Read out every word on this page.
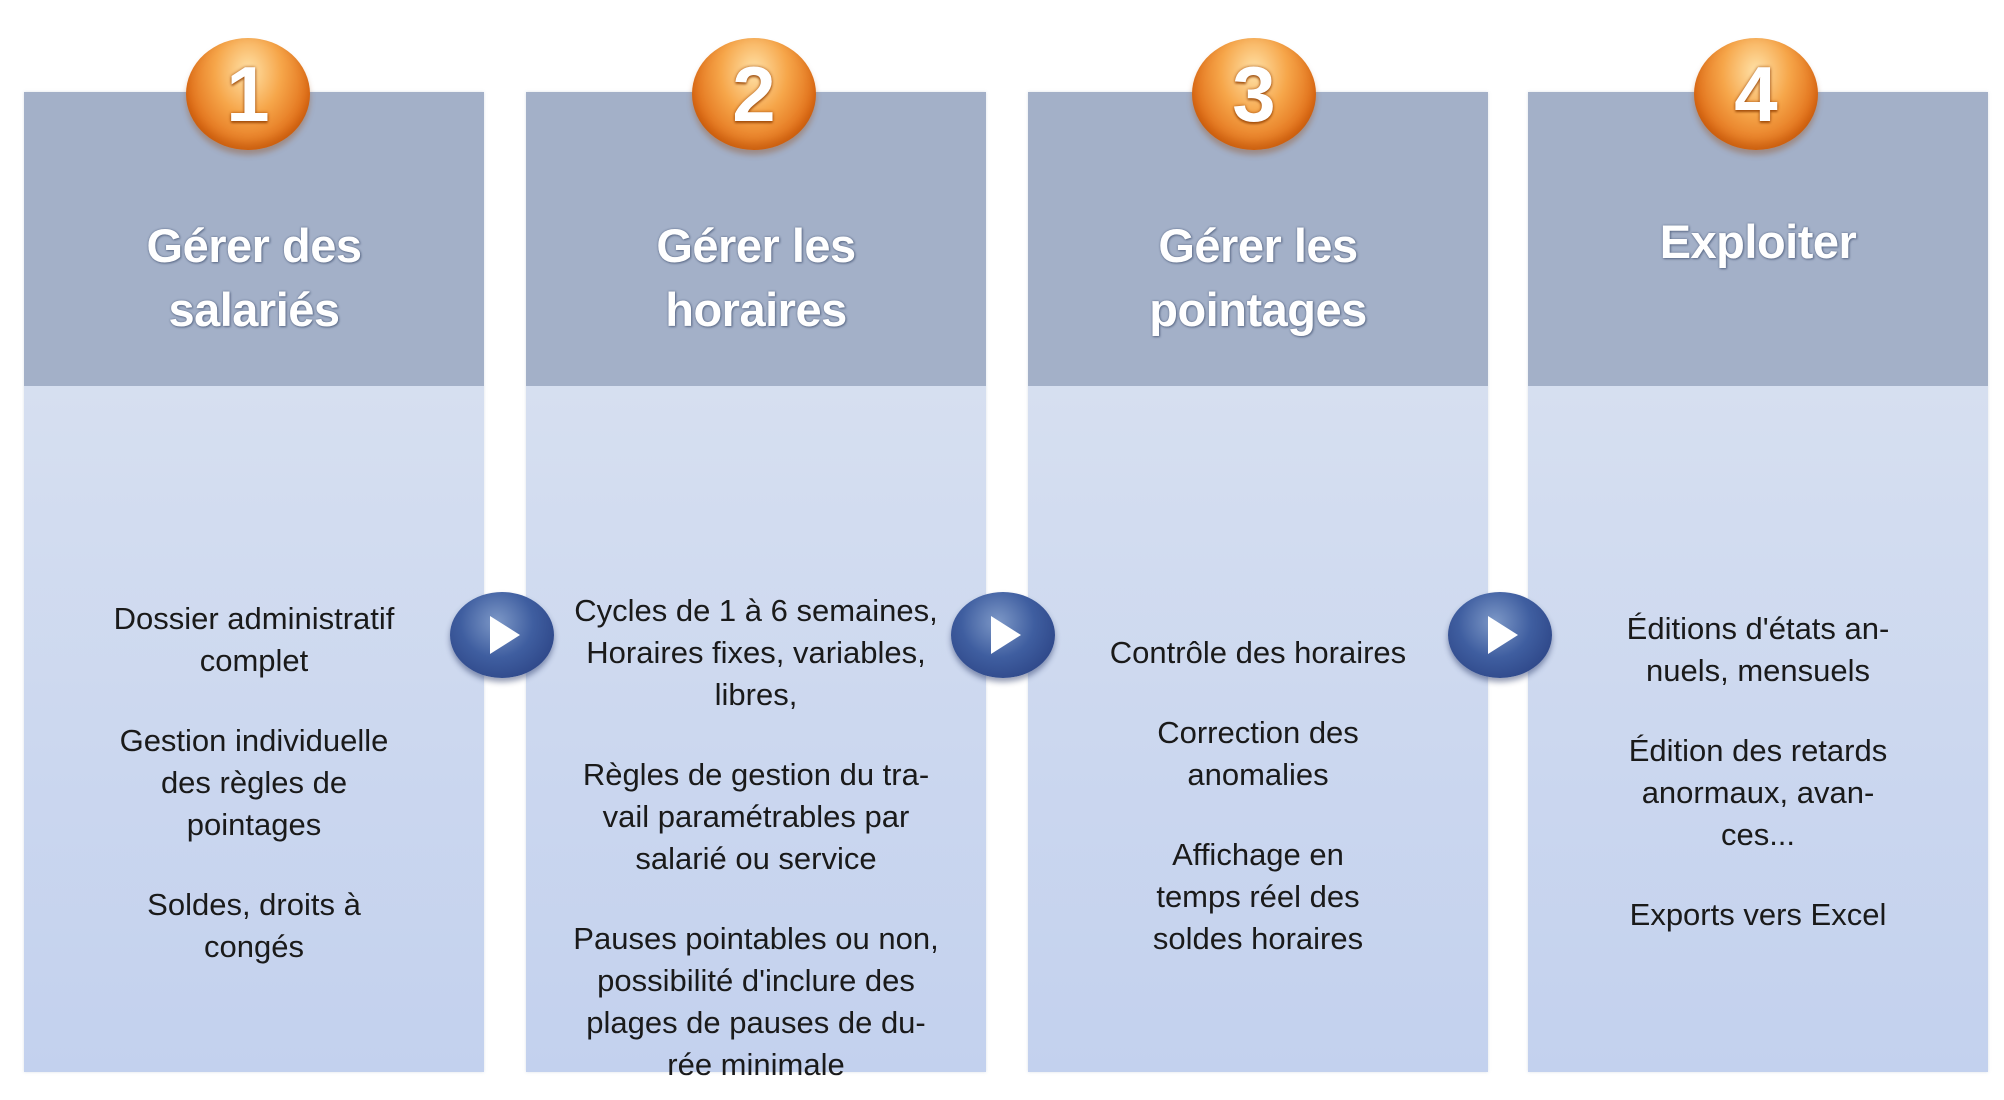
Gérer des
salariés
Dossier administratif
complet
Gestion individuelle
des règles de
pointages
Soldes, droits à
congés
Gérer les
horaires
Cycles de 1 à 6 semaines,
Horaires fixes, variables,
libres,
Règles de gestion du tra-
vail paramétrables par
salarié ou service
Pauses pointables ou non,
possibilité d'inclure des
plages de pauses de du-
rée minimale
Gérer les
pointages
Contrôle des horaires
Correction des
anomalies
Affichage en
temps réel des
soldes horaires
Exploiter
Éditions d'états an-
nuels, mensuels
Édition des retards
anormaux, avan-
ces...
Exports vers Excel
1	2	3	4
